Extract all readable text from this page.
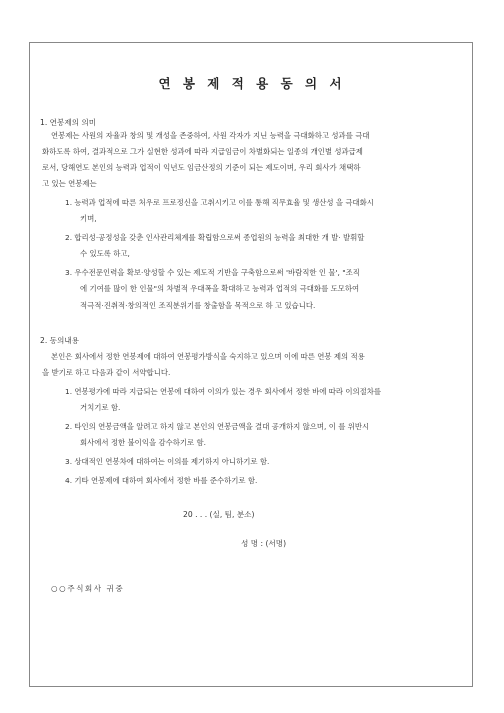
연 봉 제 적 용 동 의 서
1. 연봉제의 의미
연봉제는 사원의 자율과 창의 및 개성을 존중하여, 사원 각자가 지닌 능력을 극대화하고 성과를 극대
화하도록 하여, 결과적으로 그가 실현한 성과에 따라 지급임금이 차별화되는 일종의 개인별 성과급제
로서, 당해연도 본인의 능력과 업적이 익년도 임금산정의 기준이 되는 제도이며, 우리 회사가 채택하
고 있는 연봉제는
1. 능력과 업적에 따른 처우로 프로정신을 고취시키고 이를 통해 직무효율 및 생산성 을 극대화시
키며,
2. 합리성·공정성을 갖춘 인사관리체계를 확립함으로써 종업원의 능력을 최대한 개 발· 발휘할
수 있도록 하고,
3. 우수전문인력을 확보·양성할 수 있는 제도적 기반을 구축함으로써 '바람직한 인 물', "조직
에 기여를 많이 한 인물"의 차별적 우대폭을 확대하고 능력과 업적의 극대화를 도모하여
적극적·진취적·창의적인 조직분위기를 창출함을 목적으로 하 고 있습니다.
2. 동의내용
본인은 회사에서 정한 연봉제에 대하여 연봉평가방식을 숙지하고 있으며 이에 따른 연봉 제의 적용
을 받기로 하고 다음과 같이 서약합니다.
1. 연봉평가에 따라 지급되는 연봉에 대하여 이의가 있는 경우 회사에서 정한 바에 따라 이의절차를
거치기로 함.
2. 타인의 연봉금액을 알려고 하지 않고 본인의 연봉금액을 결대 공개하지 않으며, 이 를 위반시
회사에서 정한 불이익을 감수하기로 함.
3. 상대적인 연봉차에 대하여는 이의를 제기하지 아니하기로 함.
4. 기타 연봉제에 대하여 회사에서 정한 바를 준수하기로 함.
20 . . . (실, 팀, 분소)
성 명 : (서명)
○○주식회사 귀중
